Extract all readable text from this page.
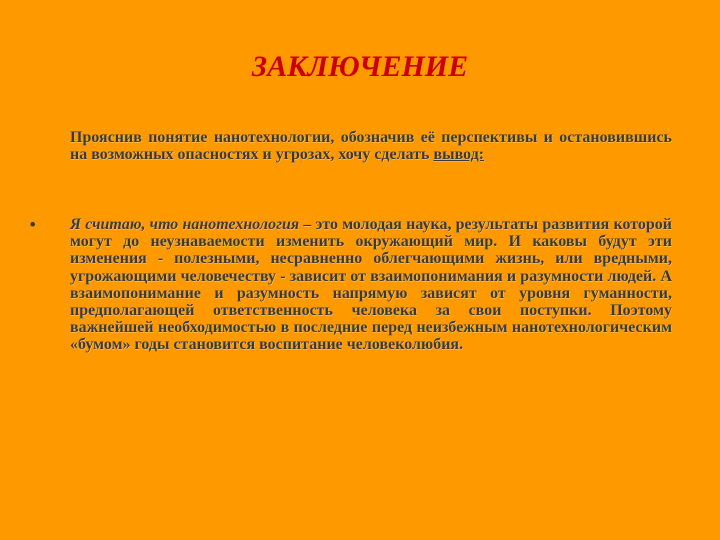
ЗАКЛЮЧЕНИЕ
Прояснив понятие нанотехнологии, обозначив её перспективы и остановившись на возможных опасностях и угрозах, хочу сделать вывод:
• Я считаю, что нанотехнология – это молодая наука, результаты развития которой могут до неузнаваемости изменить окружающий мир. И каковы будут эти изменения - полезными, несравненно облегчающими жизнь, или вредными, угрожающими человечеству - зависит от взаимопонимания и разумности людей. А взаимопонимание и разумность напрямую зависят от уровня гуманности, предполагающей ответственность человека за свои поступки. Поэтому важнейшей необходимостью в последние перед неизбежным нанотехнологическим «бумом» годы становится воспитание человеколюбия.
